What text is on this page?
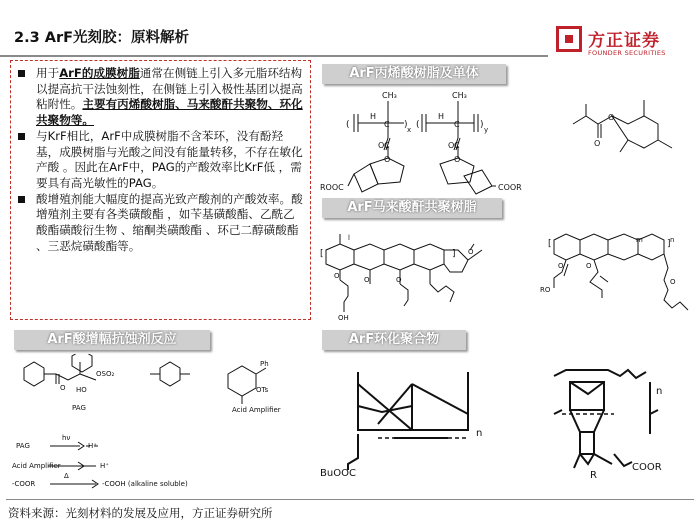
2.3 ArF光刻胶：原料解析	方正证券
FOUNDER SECURITIES
用于ArF的成膜树脂通常在侧链上引入多元脂环结构以提高抗干法蚀刻性，在侧链上引入极性基团以提高粘附性。主要有丙烯酸树脂、马来酸酐共聚物、环化共聚物等。
与KrF相比，ArF中成膜树脂不含苯环，没有酚羟基，成膜树脂与光酸之间没有能量转移，不存在敏化产酸 。因此在ArF中，PAG的产酸效率比KrF低 ，需要具有高光敏性的PAG。
酸增殖剂能大幅度的提高光致产酸剂的产酸效率。酸增殖剂主要有各类磺酸酯 ，如苄基磺酸酯、乙酰乙酸酯磺酸衍生物 、缩酮类磺酸酯 、环己二醇磺酸酯 、三恶烷磺酸酯等。
ArF丙烯酸树脂及单体
ArF马来酸酐共聚树脂
ArF酸增幅抗蚀剂反应	ArF环化聚合物
(	) (	)
x	y
CH₃	CH₃
H
C
H
C
O C	O C
O	O
ROOC	COOR
O
O
[	]
[	]
l	m	n
O
O	O	O
OH
RO
O	O
O
OSO₂
O HO
PAG
Ph
OTs
Acid Amplifier
PAG
hν
H⁺
Acid Amplifier
Δ
H⁺
-COOR	-COOH (alkaline soluble)
n
n
BuOOC	R
COOR
资料来源：光刻材料的发展及应用，方正证券研究所
